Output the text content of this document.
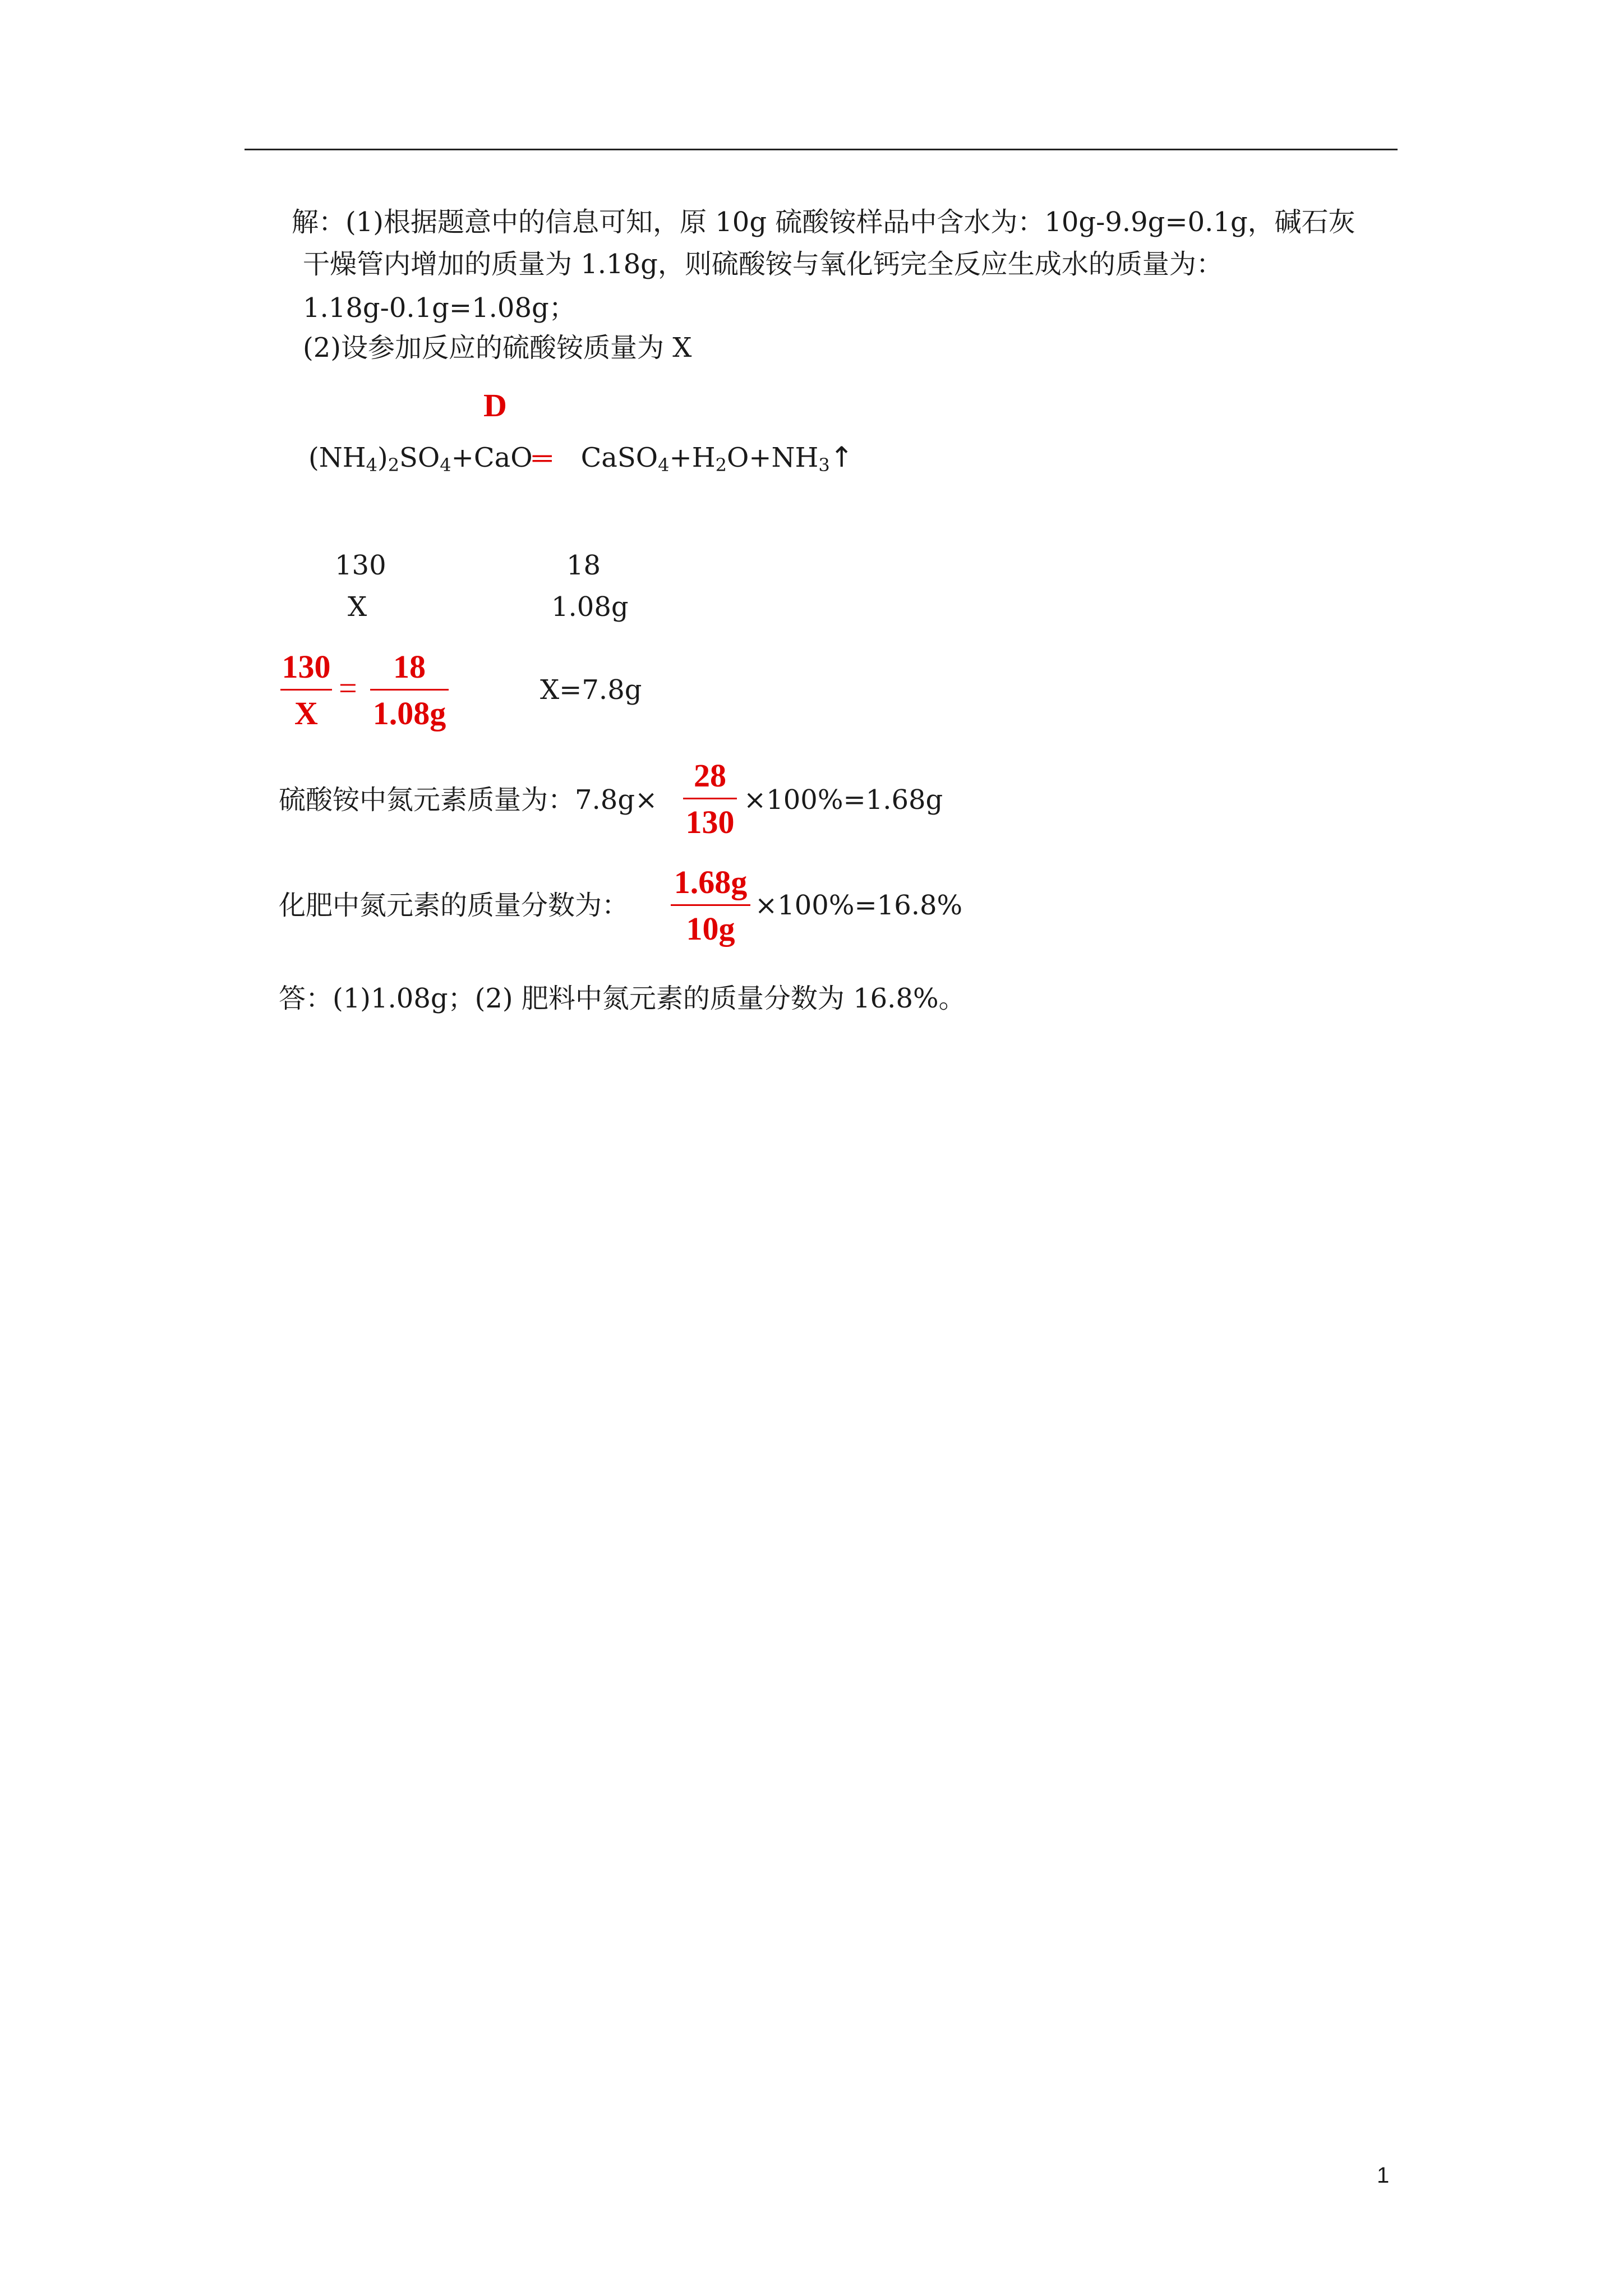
解：(1)根据题意中的信息可知，原 10g 硫酸铵样品中含水为：10g-9.9g=0.1g，碱石灰
干燥管内增加的质量为 1.18g，则硫酸铵与氧化钙完全反应生成水的质量为：
1.18g-0.1g=1.08g；
(2)设参加反应的硫酸铵质量为 X
D
$(NH_4)_2SO_4+CaO═$ $CaSO_4+H_2O+NH_3↑$
130
X
18
1.08g
130
X
=
18
1.08g
X=7.8g
硫酸铵中氮元素质量为：7.8g×
28
130
×100%=1.68g
化肥中氮元素的质量分数为：
1.68g
10g
×100%=16.8%
答：(1)1.08g；(2) 肥料中氮元素的质量分数为 16.8%。
1
